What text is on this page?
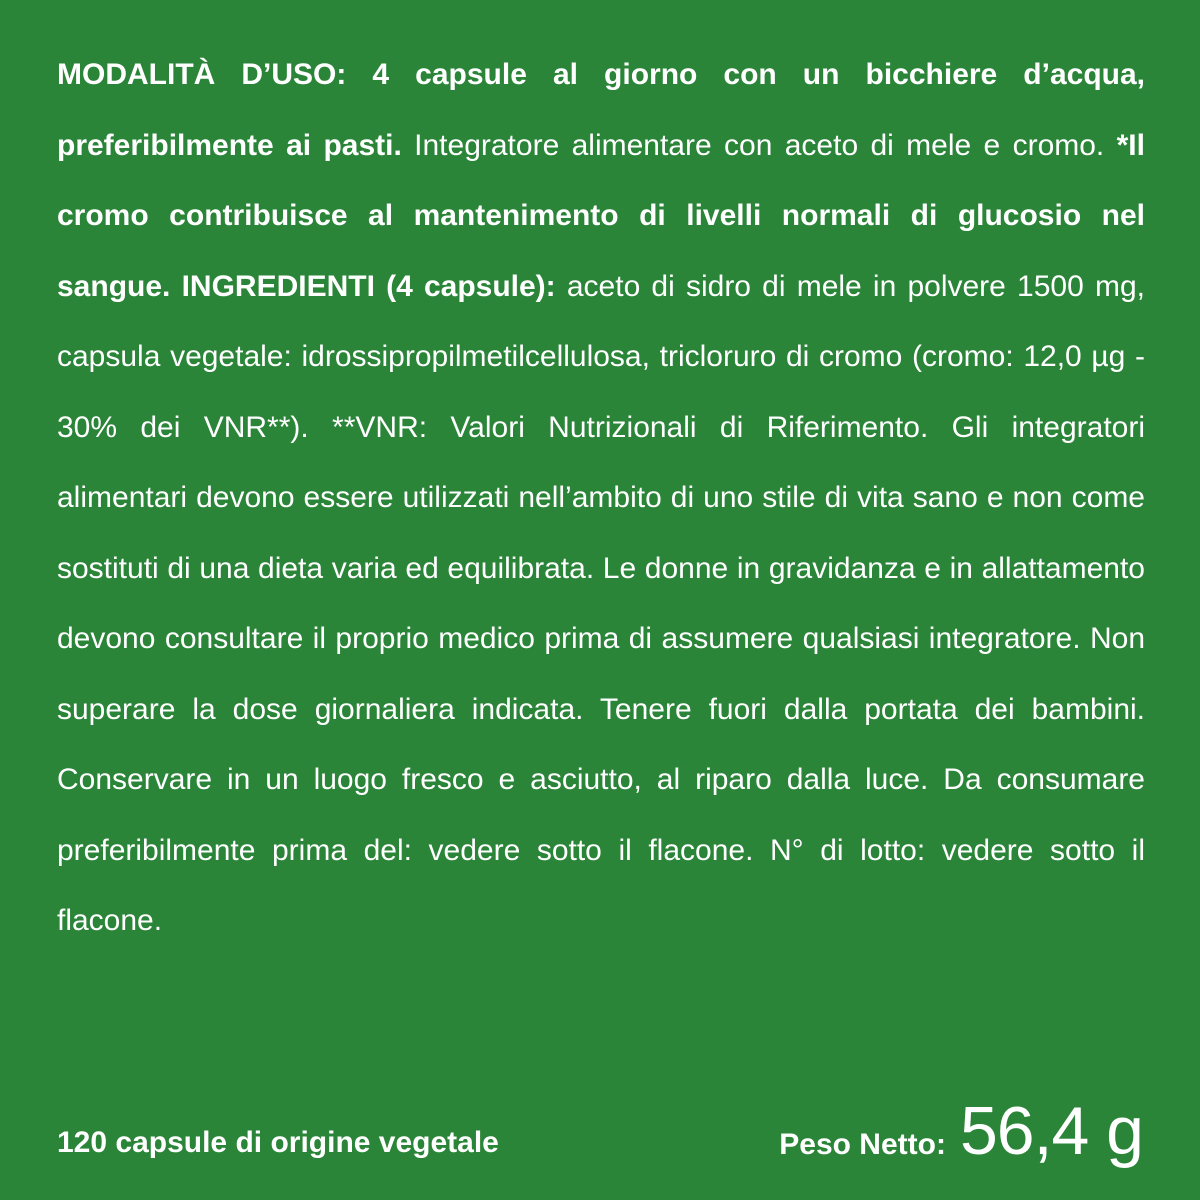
MODALITÀ D’USO: 4 capsule al giorno con un bicchiere d’acqua, preferibilmente ai pasti. Integratore alimentare con aceto di mele e cromo. *Il cromo contribuisce al mantenimento di livelli normali di glucosio nel sangue. INGREDIENTI (4 capsule): aceto di sidro di mele in polvere 1500 mg, capsula vegetale: idrossipropilmetilcellulosa, tricloruro di cromo (cromo: 12,0 µg - 30% dei VNR**). **VNR: Valori Nutrizionali di Riferimento. Gli integratori alimentari devono essere utilizzati nell’ambito di uno stile di vita sano e non come sostituti di una dieta varia ed equilibrata. Le donne in gravidanza e in allattamento devono consultare il proprio medico prima di assumere qualsiasi integratore. Non superare la dose giornaliera indicata. Tenere fuori dalla portata dei bambini. Conservare in un luogo fresco e asciutto, al riparo dalla luce. Da consumare preferibilmente prima del: vedere sotto il flacone. N° di lotto: vedere sotto il flacone.
120 capsule di origine vegetale	Peso Netto: 56,4 g
